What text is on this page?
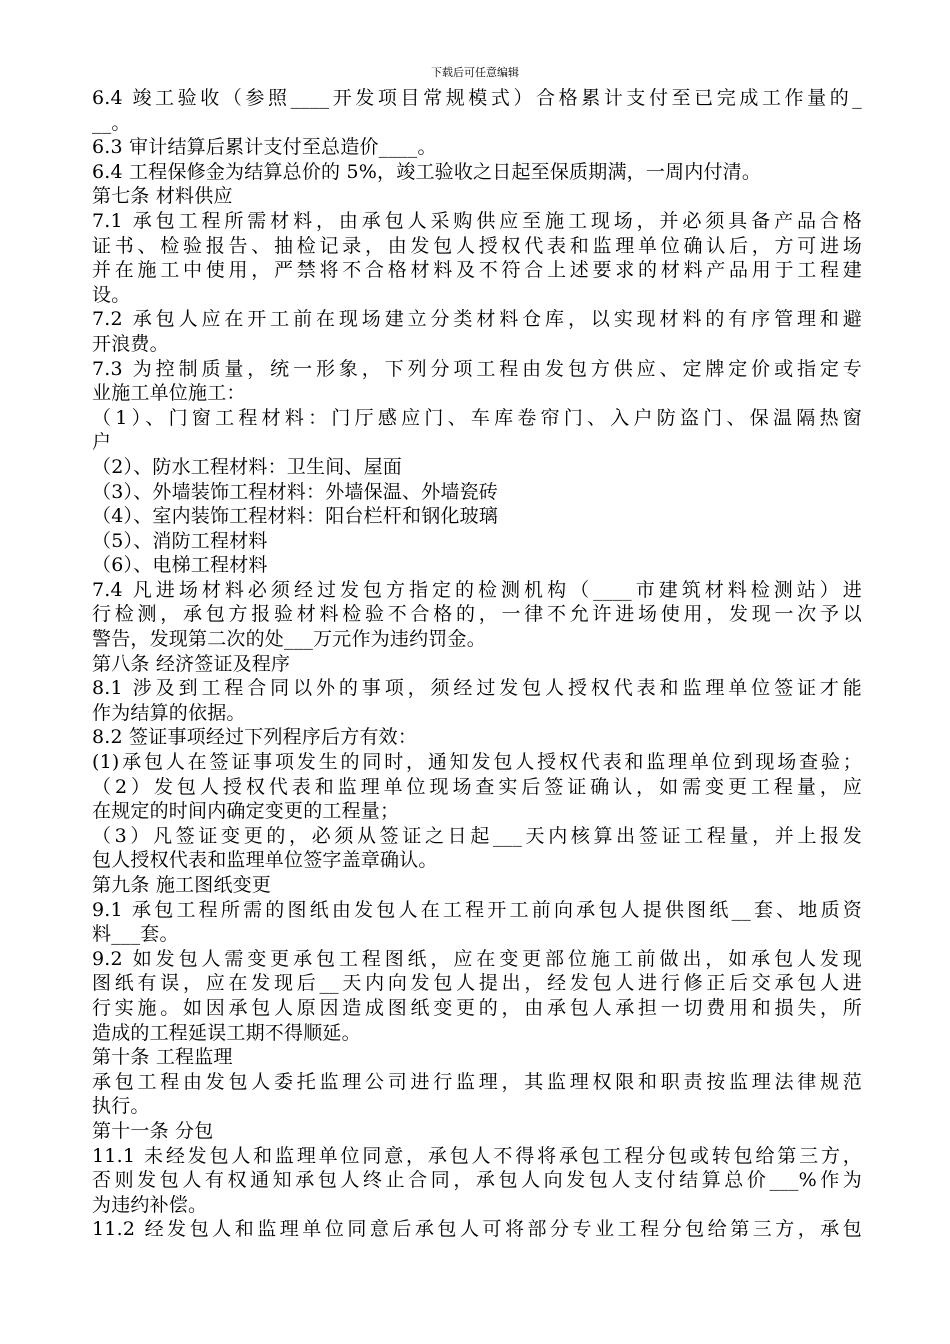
下载后可任意编辑
6.4 竣工验收（参照____开发项目常规模式）合格累计支付至已完成工作量的_
__。
6.3 审计结算后累计支付至总造价____。
6.4 工程保修金为结算总价的 5%，竣工验收之日起至保质期满，一周内付清。
第七条 材料供应
7.1 承包工程所需材料，由承包人采购供应至施工现场，并必须具备产品合格
证书、检验报告、抽检记录，由发包人授权代表和监理单位确认后，方可进场
并在施工中使用，严禁将不合格材料及不符合上述要求的材料产品用于工程建
设。
7.2 承包人应在开工前在现场建立分类材料仓库，以实现材料的有序管理和避
开浪费。
7.3 为控制质量，统一形象，下列分项工程由发包方供应、定牌定价或指定专
业施工单位施工：
（1）、门窗工程材料：门厅感应门、车库卷帘门、入户防盗门、保温隔热窗
户
（2）、防水工程材料：卫生间、屋面
（3）、外墙装饰工程材料：外墙保温、外墙瓷砖
（4）、室内装饰工程材料：阳台栏杆和钢化玻璃
（5）、消防工程材料
（6）、电梯工程材料
7.4 凡进场材料必须经过发包方指定的检测机构（____市建筑材料检测站）进
行检测，承包方报验材料检验不合格的，一律不允许进场使用，发现一次予以
警告，发现第二次的处___万元作为违约罚金。
第八条 经济签证及程序
8.1 涉及到工程合同以外的事项，须经过发包人授权代表和监理单位签证才能
作为结算的依据。
8.2 签证事项经过下列程序后方有效：
(1)承包人在签证事项发生的同时，通知发包人授权代表和监理单位到现场查验；
（2）发包人授权代表和监理单位现场查实后签证确认，如需变更工程量，应
在规定的时间内确定变更的工程量；
（3）凡签证变更的，必须从签证之日起___天内核算出签证工程量，并上报发
包人授权代表和监理单位签字盖章确认。
第九条 施工图纸变更
9.1 承包工程所需的图纸由发包人在工程开工前向承包人提供图纸__套、地质资
料___套。
9.2 如发包人需变更承包工程图纸，应在变更部位施工前做出，如承包人发现
图纸有误，应在发现后__天内向发包人提出，经发包人进行修正后交承包人进
行实施。如因承包人原因造成图纸变更的，由承包人承担一切费用和损失，所
造成的工程延误工期不得顺延。
第十条 工程监理
承包工程由发包人委托监理公司进行监理，其监理权限和职责按监理法律规范
执行。
第十一条 分包
11.1 未经发包人和监理单位同意，承包人不得将承包工程分包或转包给第三方，
否则发包人有权通知承包人终止合同，承包人向发包人支付结算总价___%作为
为违约补偿。
11.2 经发包人和监理单位同意后承包人可将部分专业工程分包给第三方，承包
